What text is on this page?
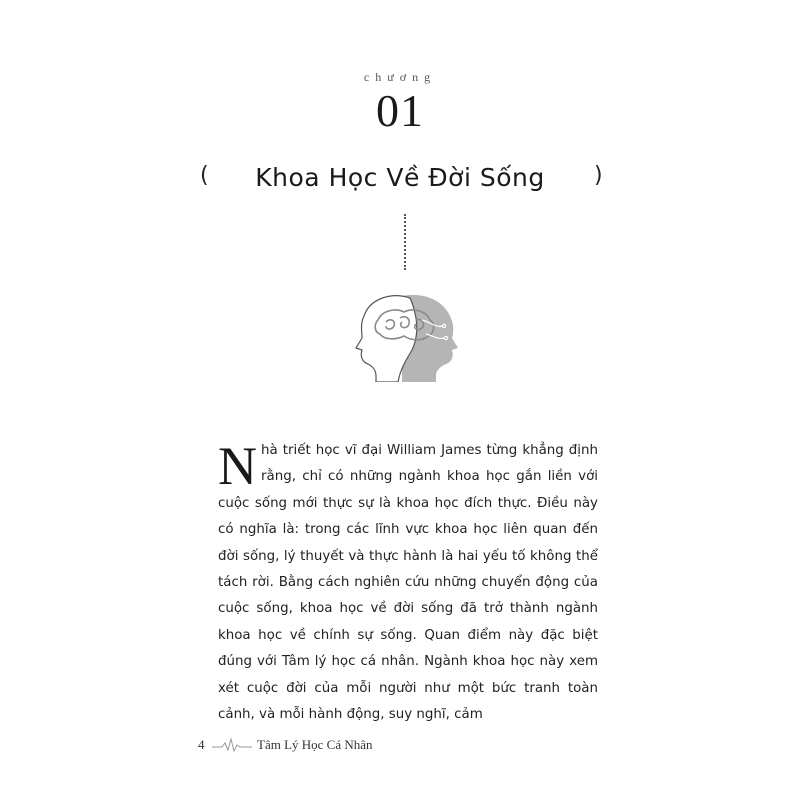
chương
01
( Khoa Học Về Đời Sống )
N hà triết học vĩ đại William James từng khẳng định rằng, chỉ có những ngành khoa học gắn liền với cuộc sống mới thực sự là khoa học đích thực. Điều này có nghĩa là: trong các lĩnh vực khoa học liên quan đến đời sống, lý thuyết và thực hành là hai yếu tố không thể tách rời. Bằng cách nghiên cứu những chuyển động của cuộc sống, khoa học về đời sống đã trở thành ngành khoa học về chính sự sống. Quan điểm này đặc biệt đúng với Tâm lý học cá nhân. Ngành khoa học này xem xét cuộc đời của mỗi người như một bức tranh toàn cảnh, và mỗi hành động, suy nghĩ, cảm
4	Tâm Lý Học Cá Nhân
